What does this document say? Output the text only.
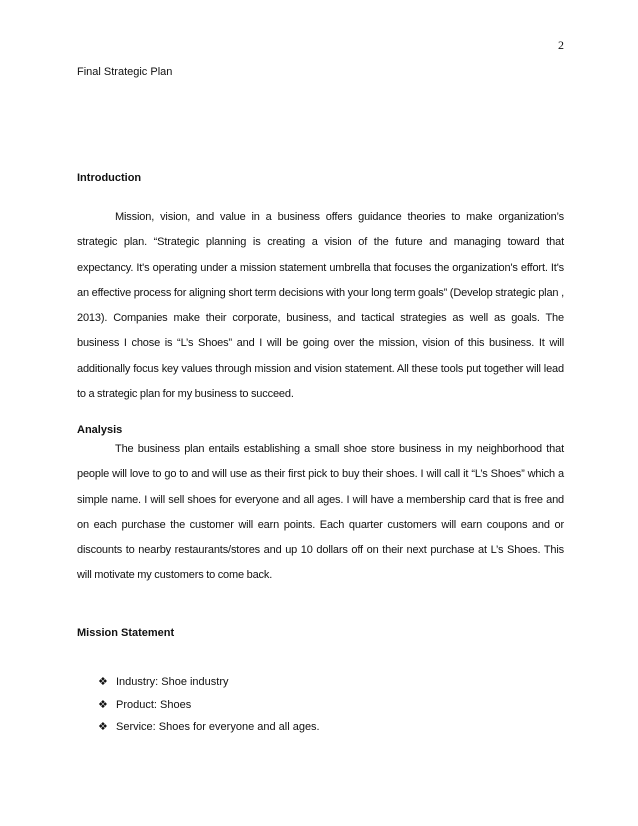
2
Final Strategic Plan
Introduction

Mission, vision, and value in a business offers guidance theories to make organization’s strategic plan. “Strategic planning is creating a vision of the future and managing toward that expectancy. It's operating under a mission statement umbrella that focuses the organization's effort. It's an effective process for aligning short term decisions with your long term goals” (Develop strategic plan , 2013). Companies make their corporate, business, and tactical strategies as well as goals. The business I chose is “L’s Shoes” and I will be going over the mission, vision of this business. It will additionally focus key values through mission and vision statement. All these tools put together will lead to a strategic plan for my business to succeed.

Analysis

The business plan entails establishing a small shoe store business in my neighborhood that people will love to go to and will use as their first pick to buy their shoes. I will call it “L’s Shoes” which a simple name. I will sell shoes for everyone and all ages. I will have a membership card that is free and on each purchase the customer will earn points. Each quarter customers will earn coupons and or discounts to nearby restaurants/stores and up 10 dollars off on their next purchase at L’s Shoes. This will motivate my customers to come back.

Mission Statement
❖ Industry: Shoe industry
❖ Product: Shoes
❖ Service: Shoes for everyone and all ages.
